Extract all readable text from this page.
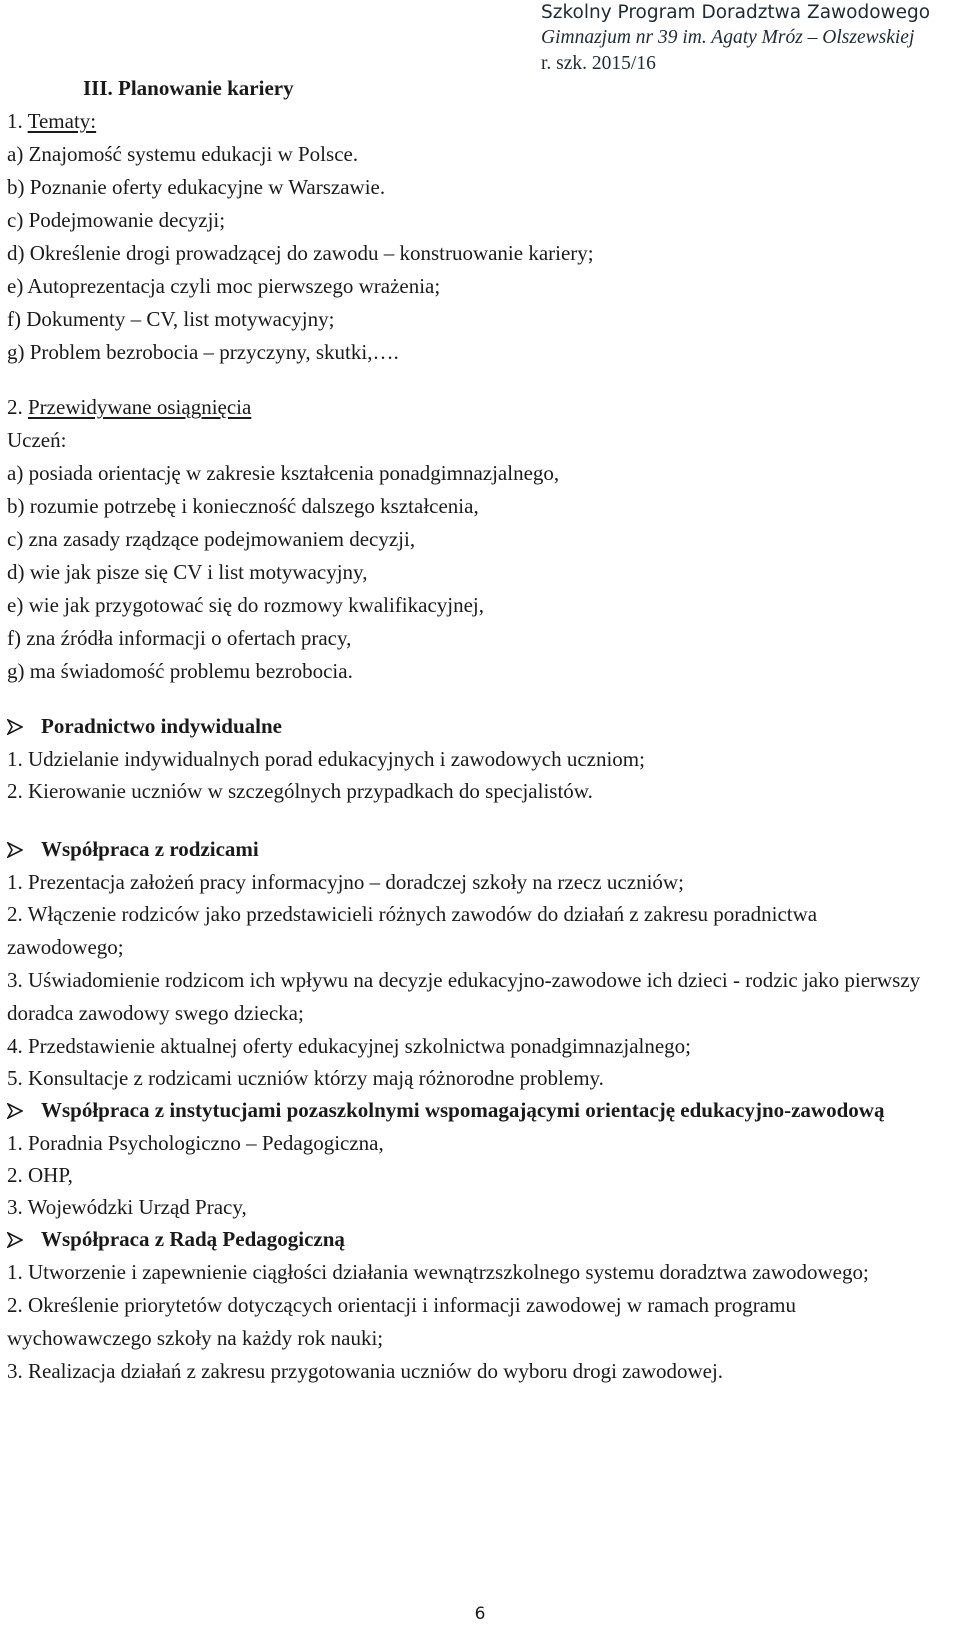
Szkolny Program Doradztwa Zawodowego
Gimnazjum nr 39 im. Agaty Mróz – Olszewskiej
r. szk. 2015/16
III. Planowanie kariery
1. Tematy:
a) Znajomość systemu edukacji w Polsce.
b) Poznanie oferty edukacyjne w Warszawie.
c) Podejmowanie decyzji;
d) Określenie drogi prowadzącej do zawodu – konstruowanie kariery;
e) Autoprezentacja czyli moc pierwszego wrażenia;
f) Dokumenty – CV, list motywacyjny;
g) Problem bezrobocia – przyczyny, skutki,….
2. Przewidywane osiągnięcia
Uczeń:
a) posiada orientację w zakresie kształcenia ponadgimnazjalnego,
b) rozumie potrzebę i konieczność dalszego kształcenia,
c) zna zasady rządzące podejmowaniem decyzji,
d) wie jak pisze się CV i list motywacyjny,
e) wie jak przygotować się do rozmowy kwalifikacyjnej,
f) zna źródła informacji o ofertach pracy,
g) ma świadomość problemu bezrobocia.
Poradnictwo indywidualne
1. Udzielanie indywidualnych porad edukacyjnych i zawodowych uczniom;
2. Kierowanie uczniów w szczególnych przypadkach do specjalistów.
Współpraca z rodzicami
1. Prezentacja założeń pracy informacyjno – doradczej szkoły na rzecz uczniów;
2. Włączenie rodziców jako przedstawicieli różnych zawodów do działań z zakresu poradnictwa zawodowego;
3. Uświadomienie rodzicom ich wpływu na decyzje edukacyjno-zawodowe ich dzieci - rodzic jako pierwszy doradca zawodowy swego dziecka;
4. Przedstawienie aktualnej oferty edukacyjnej szkolnictwa ponadgimnazjalnego;
5. Konsultacje z rodzicami uczniów którzy mają różnorodne problemy.
Współpraca z instytucjami pozaszkolnymi wspomagającymi orientację edukacyjno-zawodową
1. Poradnia Psychologiczno – Pedagogiczna,
2. OHP,
3. Wojewódzki Urząd Pracy,
Współpraca z Radą Pedagogiczną
1. Utworzenie i zapewnienie ciągłości działania wewnątrzszkolnego systemu doradztwa zawodowego;
2. Określenie priorytetów dotyczących orientacji i informacji zawodowej w ramach programu wychowawczego szkoły na każdy rok nauki;
3. Realizacja działań z zakresu przygotowania uczniów do wyboru drogi zawodowej.
6
